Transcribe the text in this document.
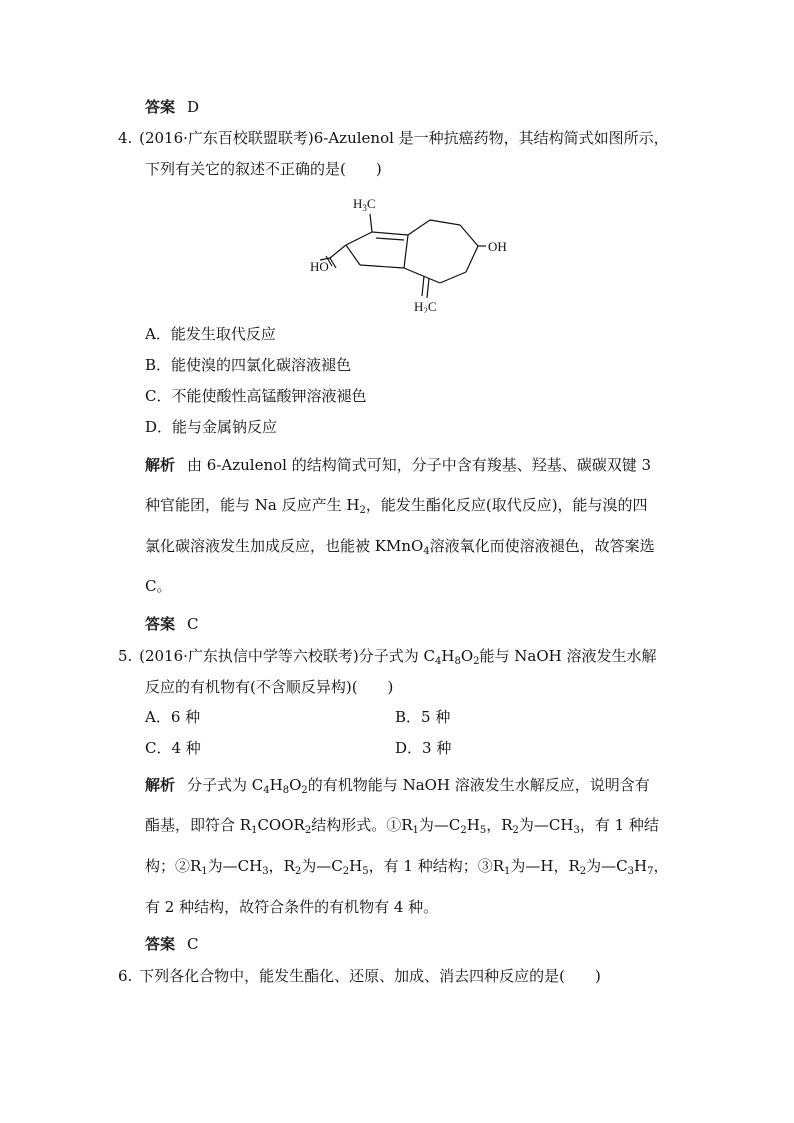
答案 D
4. (2016·广东百校联盟联考)6-Azulenol 是一种抗癌药物，其结构简式如图所示，
下列有关它的叙述不正确的是(　　)
$H_3C$
HO
OH
$H_2C$
A．能发生取代反应
B．能使溴的四氯化碳溶液褪色
C．不能使酸性高锰酸钾溶液褪色
D．能与金属钠反应
解析 由 6-Azulenol 的结构简式可知，分子中含有羧基、羟基、碳碳双键 3
种官能团，能与 Na 反应产生 $H_2$，能发生酯化反应(取代反应)，能与溴的四
氯化碳溶液发生加成反应，也能被 KMnO$_4$溶液氧化而使溶液褪色，故答案选
C。
答案 C
5. (2016·广东执信中学等六校联考)分子式为 $C_4H_8O_2$能与 NaOH 溶液发生水解
反应的有机物有(不含顺反异构)(　　)
A．6 种	B．5 种
C．4 种	D．3 种
解析 分子式为 $C_4H_8O_2$的有机物能与 NaOH 溶液发生水解反应，说明含有
酯基，即符合 $R_1COOR_2$结构形式。$①R_1$为$—C_2H_5$，$R_2$为$—CH_3$，有 1 种结
构；$②R_1$为$—CH_3$，$R_2$为$—C_2H_5$，有 1 种结构；$③R_1$为—H，$R_2$为$—C_3H_7$，
有 2 种结构，故符合条件的有机物有 4 种。
答案 C
6. 下列各化合物中，能发生酯化、还原、加成、消去四种反应的是(　　)
